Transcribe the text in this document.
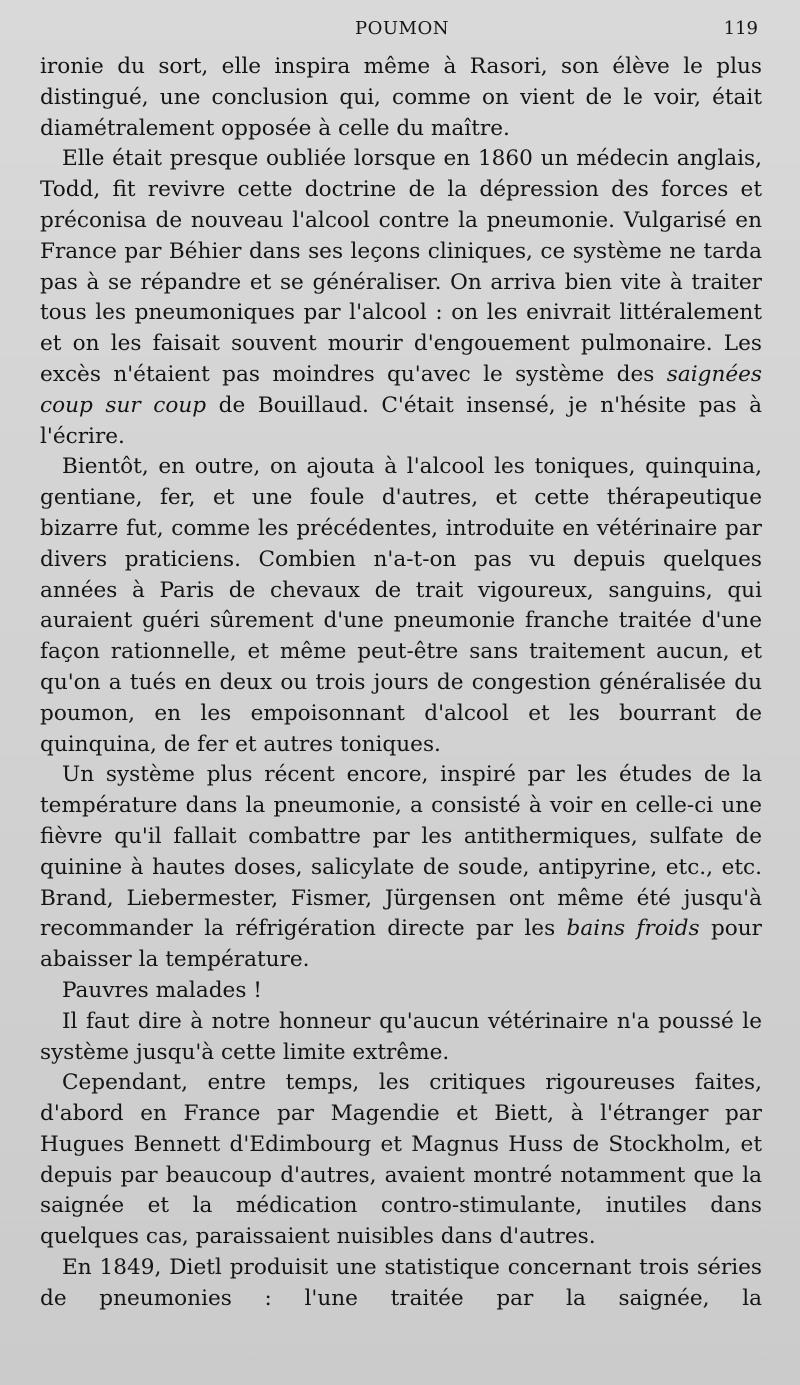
POUMON	119

ironie du sort, elle inspira même à Rasori, son élève le plus distingué, une conclusion qui, comme on vient de le voir, était diamétralement opposée à celle du maître.

Elle était presque oubliée lorsque en 1860 un médecin anglais, Todd, fit revivre cette doctrine de la dépression des forces et préconisa de nouveau l'alcool contre la pneumonie. Vulgarisé en France par Béhier dans ses leçons cliniques, ce système ne tarda pas à se répandre et se généraliser. On arriva bien vite à traiter tous les pneumoniques par l'alcool : on les enivrait littéralement et on les faisait souvent mourir d'engouement pulmonaire. Les excès n'étaient pas moindres qu'avec le système des saignées coup sur coup de Bouillaud. C'était insensé, je n'hésite pas à l'écrire.

Bientôt, en outre, on ajouta à l'alcool les toniques, quinquina, gentiane, fer, et une foule d'autres, et cette thérapeutique bizarre fut, comme les précédentes, introduite en vétérinaire par divers praticiens. Combien n'a-t-on pas vu depuis quelques années à Paris de chevaux de trait vigoureux, sanguins, qui auraient guéri sûrement d'une pneumonie franche traitée d'une façon rationnelle, et même peut-être sans traitement aucun, et qu'on a tués en deux ou trois jours de congestion généralisée du poumon, en les empoisonnant d'alcool et les bourrant de quinquina, de fer et autres toniques.

Un système plus récent encore, inspiré par les études de la température dans la pneumonie, a consisté à voir en celle-ci une fièvre qu'il fallait combattre par les antithermiques, sulfate de quinine à hautes doses, salicylate de soude, antipyrine, etc., etc. Brand, Liebermester, Fismer, Jürgensen ont même été jusqu'à recommander la réfrigération directe par les bains froids pour abaisser la température.

Pauvres malades !

Il faut dire à notre honneur qu'aucun vétérinaire n'a poussé le système jusqu'à cette limite extrême.

Cependant, entre temps, les critiques rigoureuses faites, d'abord en France par Magendie et Biett, à l'étranger par Hugues Bennett d'Edimbourg et Magnus Huss de Stockholm, et depuis par beaucoup d'autres, avaient montré notamment que la saignée et la médication contro-stimulante, inutiles dans quelques cas, paraissaient nuisibles dans d'autres.

En 1849, Dietl produisit une statistique concernant trois séries de pneumonies : l'une traitée par la saignée, la
